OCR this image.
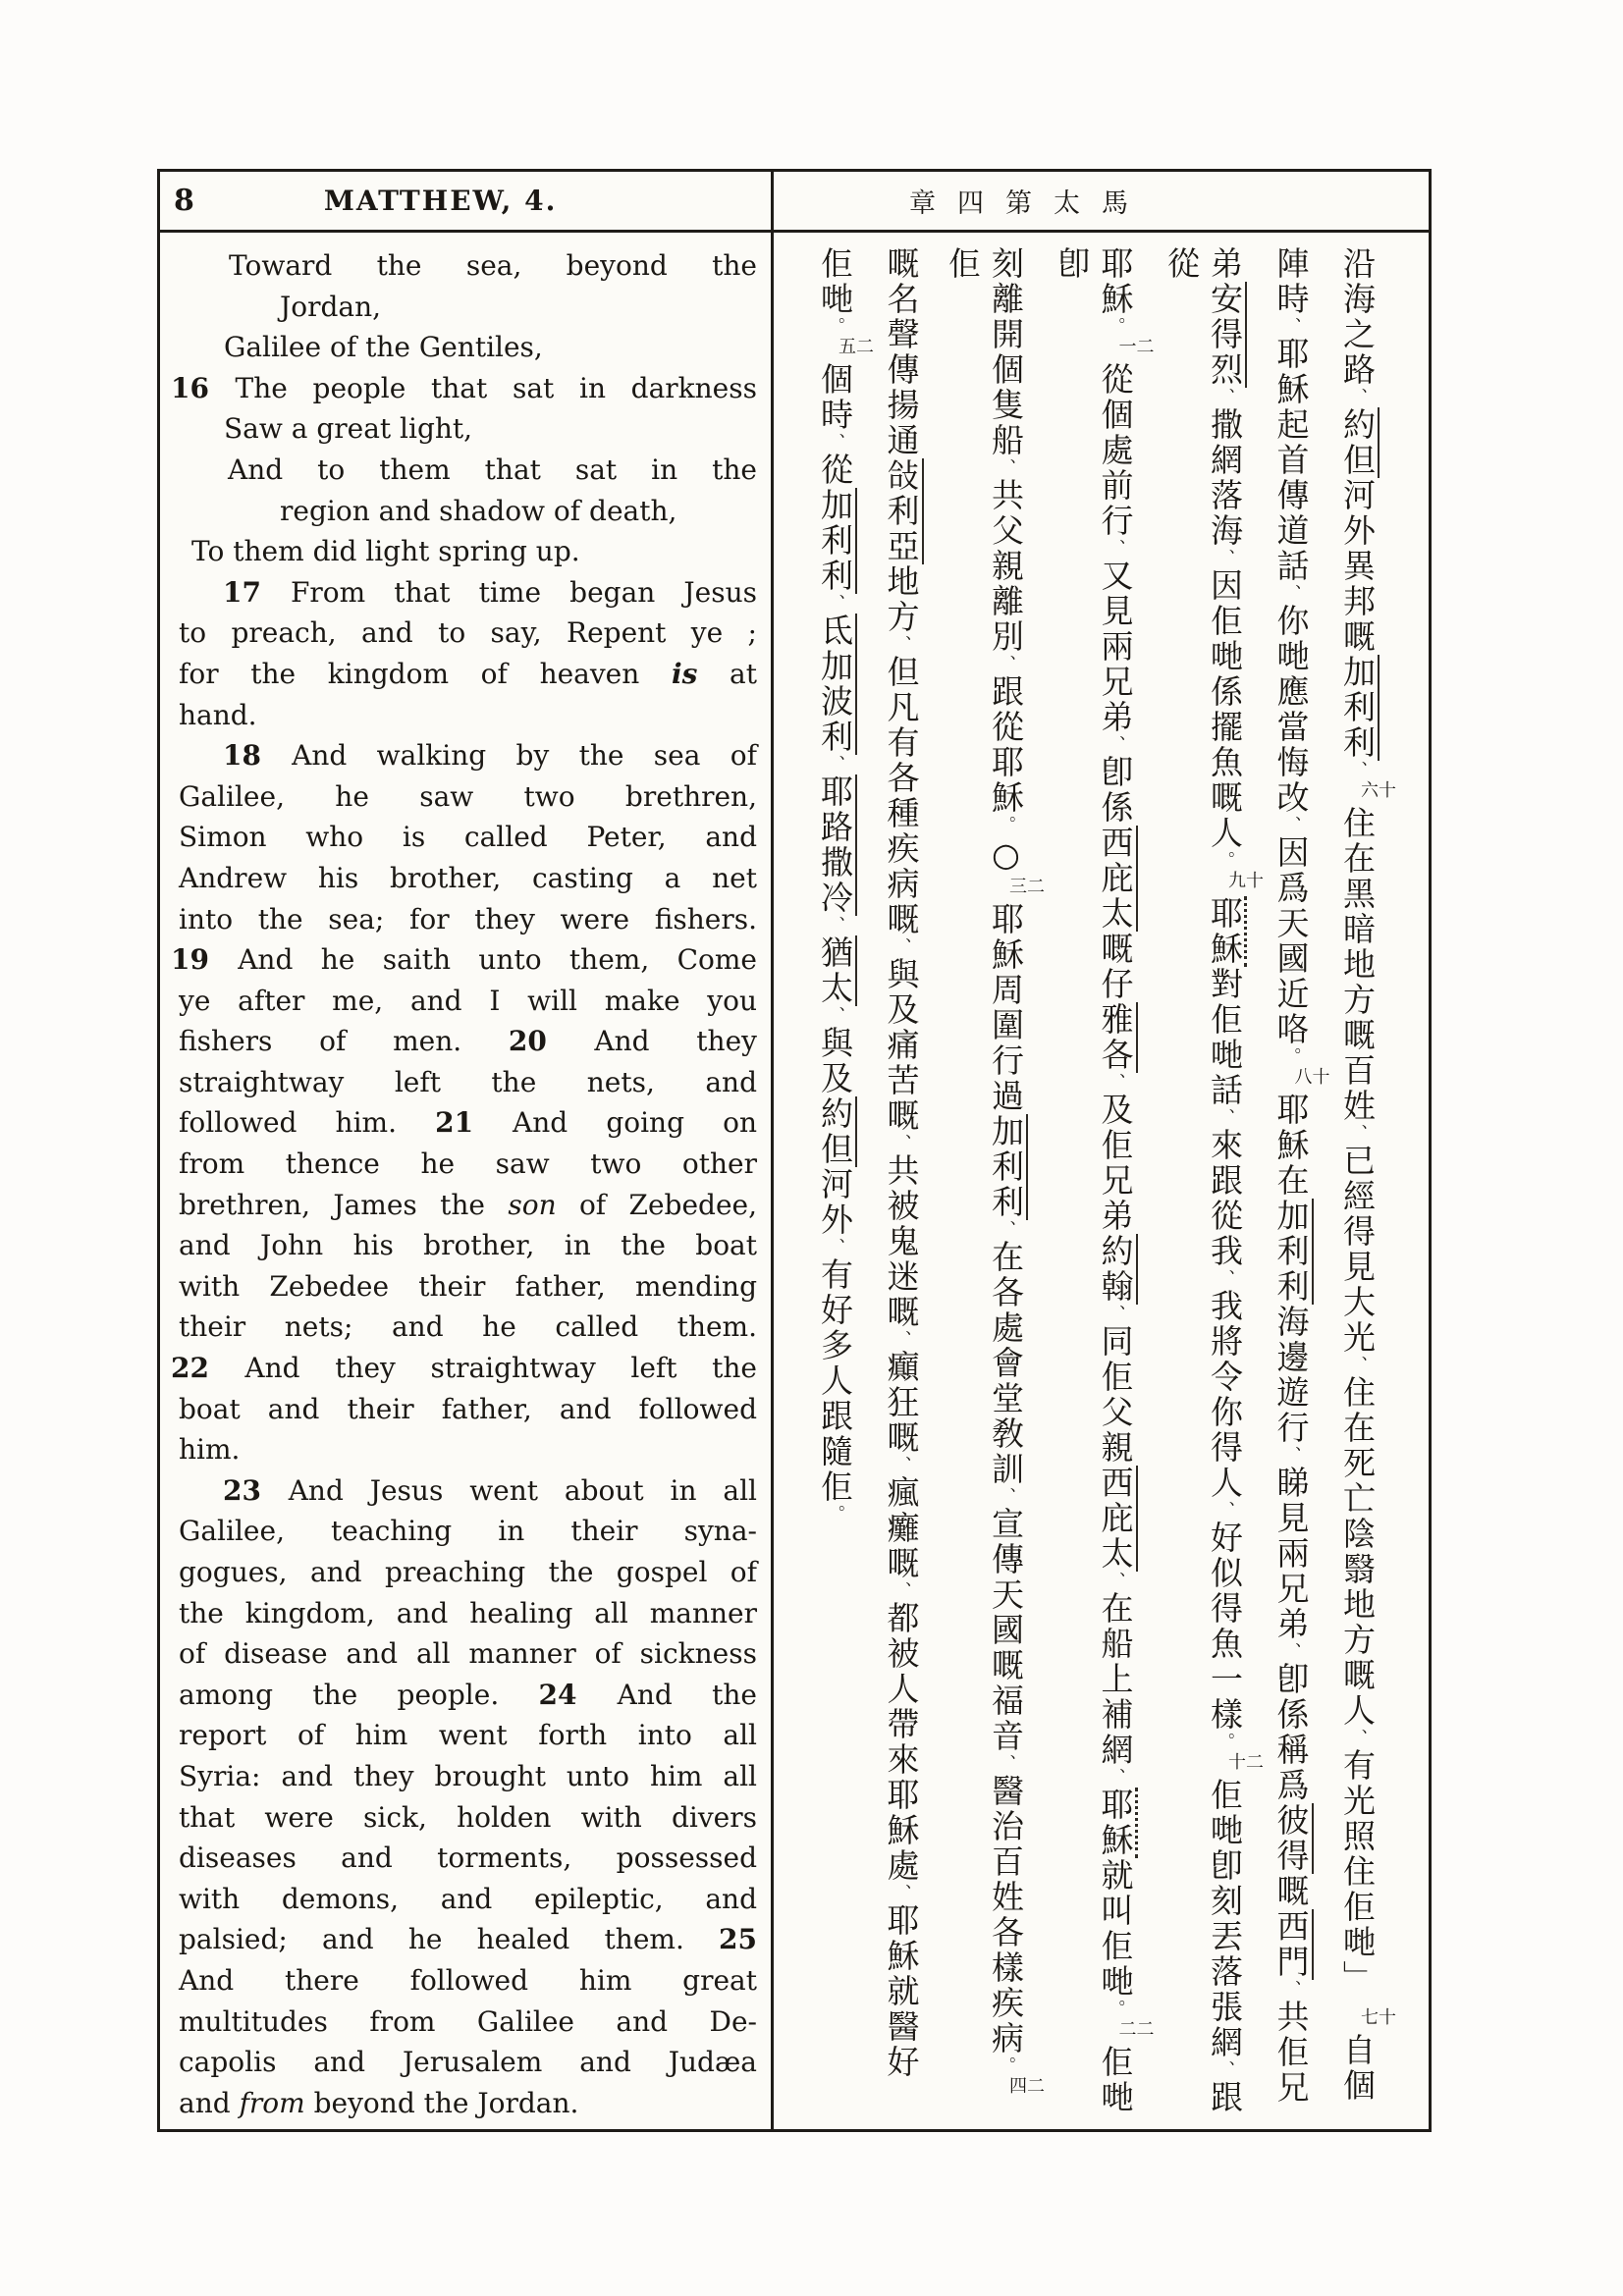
8	MATTHEW, 4.	章四第太馬
Toward the sea, beyond the
Jordan,
Galilee of the Gentiles,
16 The people that sat in darkness
Saw a great light,
And to them that sat in the
region and shadow of death,
To them did light spring up.
17 From that time began Jesus
to preach, and to say, Repent ye ;
for the kingdom of heaven is at
hand.
18 And walking by the sea of
Galilee, he saw two brethren,
Simon who is called Peter, and
Andrew his brother, casting a net
into the sea; for they were fishers.
19 And he saith unto them, Come
ye after me, and I will make you
fishers of men. 20 And they
straightway left the nets, and
followed him. 21 And going on
from thence he saw two other
brethren, James the son of Zebedee,
and John his brother, in the boat
with Zebedee their father, mending
their nets; and he called them.
22 And they straightway left the
boat and their father, and followed
him.
23 And Jesus went about in all
Galilee, teaching in their syna-
gogues, and preaching the gospel of
the kingdom, and healing all manner
of disease and all manner of sickness
among the people. 24 And the
report of him went forth into all
Syria: and they brought unto him all
that were sick, holden with divers
diseases and torments, possessed
with demons, and epileptic, and
palsied; and he healed them. 25
And there followed him great
multitudes from Galilee and De-
capolis and Jerusalem and Judæa
and from beyond the Jordan.
沿海之路、約但河外異邦嘅加利利、十六住在黑暗地方嘅百姓、已經得見大光、住在死亡陰翳地方嘅人、有光照住佢哋」十七自個
陣時、耶穌起首傳道話、你哋應當悔改、因爲天國近咯。十八耶穌在加利利海邊遊行、睇見兩兄弟、卽係稱爲彼得嘅西門、共佢兄
弟安得烈、撒網落海、因佢哋係擺魚嘅人。十九耶穌對佢哋話、來跟從我、我將令你得人、好似得魚一樣。二十佢哋卽刻丟落張網、跟從
耶穌。二一從個處前行、又見兩兄弟、卽係西庇太嘅仔雅各、及佢兄弟約翰、同佢父親西庇太、在船上補網、耶穌就叫佢哋。二二佢哋卽
刻離開個隻船、共父親離別、跟從耶穌。○二三耶穌周圍行過加利利、在各處會堂敎訓、宣傳天國嘅福音、醫治百姓各樣疾病。二四佢
嘅名聲傳揚通敆利亞地方、但凡有各種疾病嘅、與及痛苦嘅、共被鬼迷嘅、癲狂嘅、瘋癱嘅、都被人帶來耶穌處、耶穌就醫好
佢哋。二五個時、從加利利、氐加波利、耶路撒冷、猶太、與及約但河外、有好多人跟隨佢。
